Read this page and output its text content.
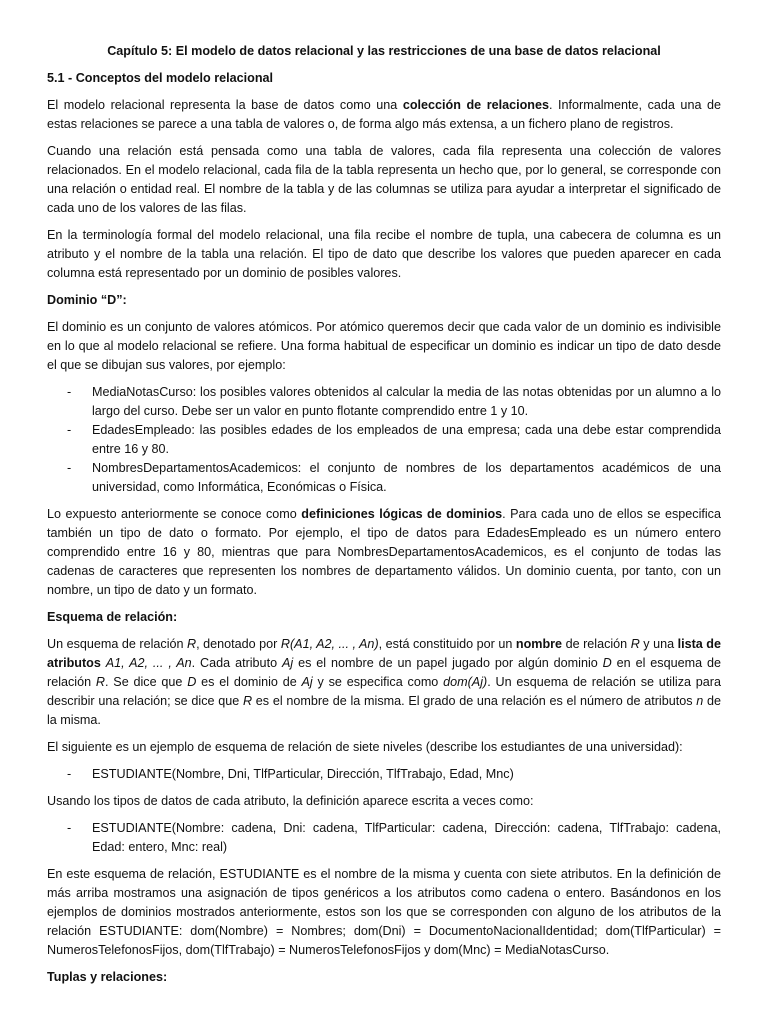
Capítulo 5: El modelo de datos relacional y las restricciones de una base de datos relacional
5.1 - Conceptos del modelo relacional

El modelo relacional representa la base de datos como una colección de relaciones. Informalmente, cada una de estas relaciones se parece a una tabla de valores o, de forma algo más extensa, a un fichero plano de registros.

Cuando una relación está pensada como una tabla de valores, cada fila representa una colección de valores relacionados. En el modelo relacional, cada fila de la tabla representa un hecho que, por lo general, se corresponde con una relación o entidad real. El nombre de la tabla y de las columnas se utiliza para ayudar a interpretar el significado de cada uno de los valores de las filas.

En la terminología formal del modelo relacional, una fila recibe el nombre de tupla, una cabecera de columna es un atributo y el nombre de la tabla una relación. El tipo de dato que describe los valores que pueden aparecer en cada columna está representado por un dominio de posibles valores.

Dominio “D”:

El dominio es un conjunto de valores atómicos. Por atómico queremos decir que cada valor de un dominio es indivisible en lo que al modelo relacional se refiere. Una forma habitual de especificar un dominio es indicar un tipo de dato desde el que se dibujan sus valores, por ejemplo:

- MediaNotasCurso: los posibles valores obtenidos al calcular la media de las notas obtenidas por un alumno a lo largo del curso. Debe ser un valor en punto flotante comprendido entre 1 y 10.
- EdadesEmpleado: las posibles edades de los empleados de una empresa; cada una debe estar comprendida entre 16 y 80.
- NombresDepartamentosAcademicos: el conjunto de nombres de los departamentos académicos de una universidad, como Informática, Económicas o Física.

Lo expuesto anteriormente se conoce como definiciones lógicas de dominios. Para cada uno de ellos se especifica también un tipo de dato o formato. Por ejemplo, el tipo de datos para EdadesEmpleado es un número entero comprendido entre 16 y 80, mientras que para NombresDepartamentosAcademicos, es el conjunto de todas las cadenas de caracteres que representen los nombres de departamento válidos. Un dominio cuenta, por tanto, con un nombre, un tipo de dato y un formato.

Esquema de relación:

Un esquema de relación R, denotado por R(A1, A2, ... , An), está constituido por un nombre de relación R y una lista de atributos A1, A2, ... , An. Cada atributo Aj es el nombre de un papel jugado por algún dominio D en el esquema de relación R. Se dice que D es el dominio de Aj y se especifica como dom(Aj). Un esquema de relación se utiliza para describir una relación; se dice que R es el nombre de la misma. El grado de una relación es el número de atributos n de la misma.

El siguiente es un ejemplo de esquema de relación de siete niveles (describe los estudiantes de una universidad):

- ESTUDIANTE(Nombre, Dni, TlfParticular, Dirección, TlfTrabajo, Edad, Mnc)

Usando los tipos de datos de cada atributo, la definición aparece escrita a veces como:

- ESTUDIANTE(Nombre: cadena, Dni: cadena, TlfParticular: cadena, Dirección: cadena, TlfTrabajo: cadena, Edad: entero, Mnc: real)

En este esquema de relación, ESTUDIANTE es el nombre de la misma y cuenta con siete atributos. En la definición de más arriba mostramos una asignación de tipos genéricos a los atributos como cadena o entero. Basándonos en los ejemplos de dominios mostrados anteriormente, estos son los que se corresponden con alguno de los atributos de la relación ESTUDIANTE: dom(Nombre) = Nombres; dom(Dni) = DocumentoNacionalIdentidad; dom(TlfParticular) = NumerosTelefonosFijos, dom(TlfTrabajo) = NumerosTelefonosFijos y dom(Mnc) = MediaNotasCurso.

Tuplas y relaciones:
